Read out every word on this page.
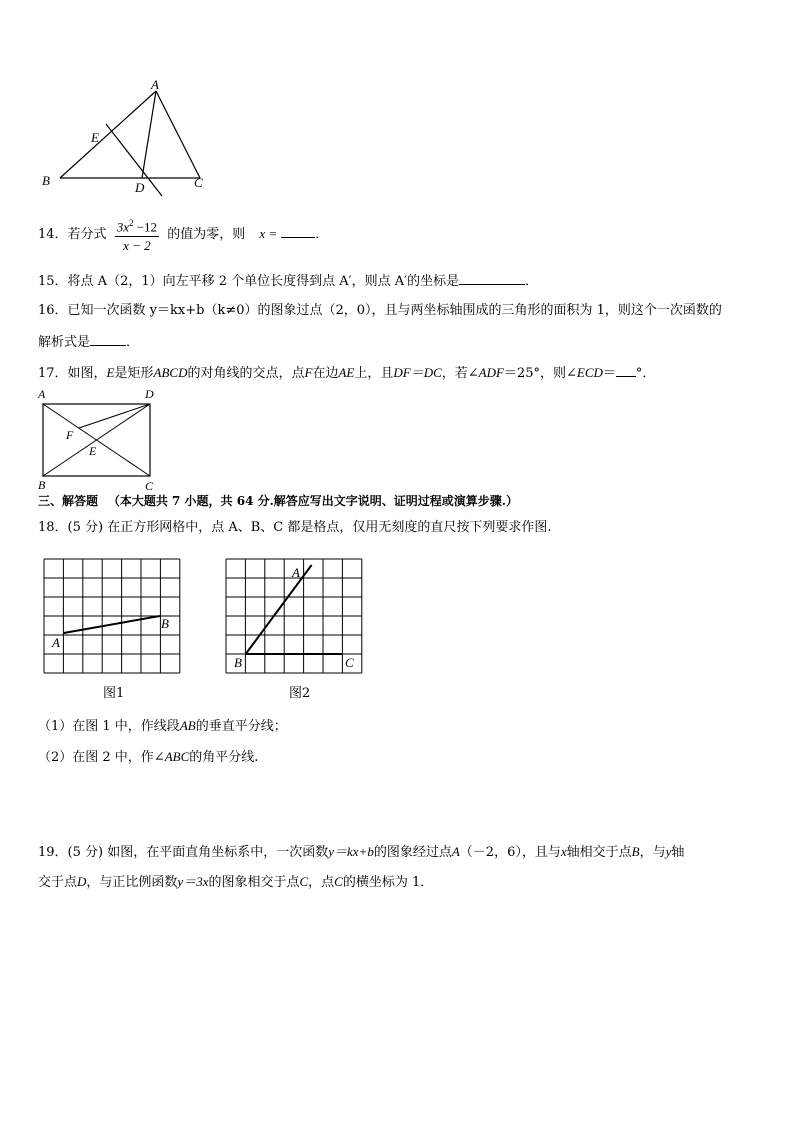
A
B	C
D
E
14．若分式 $\frac{3x^2 -12}{x - 2}$ 的值为零，则 x =	．
15．将点 A（2，1）向左平移 2 个单位长度得到点 A′，则点 A′的坐标是	．
16．已知一次函数 y＝kx+b（k≠0）的图象过点（2，0），且与两坐标轴围成的三角形的面积为 1，则这个一次函数的
解析式是	．
17．如图，E是矩形ABCD的对角线的交点，点F在边AE上，且DF＝DC，若∠ADF＝25°，则∠ECD＝ °．
A	D
B	C
F
E
三、解答题 （本大题共 7 小题，共 64 分.解答应写出文字说明、证明过程或演算步骤.）
18．(5 分) 在正方形网格中，点 A、B、C 都是格点，仅用无刻度的直尺按下列要求作图.
A
B
图1
A
B	C
图2
（1）在图 1 中，作线段AB的垂直平分线；
（2）在图 2 中，作∠ABC的角平分线.
19．(5 分) 如图，在平面直角坐标系中，一次函数y＝kx+b的图象经过点A（－2，6），且与x轴相交于点B，与y轴
交于点D，与正比例函数y＝3x的图象相交于点C，点C的横坐标为 1．
